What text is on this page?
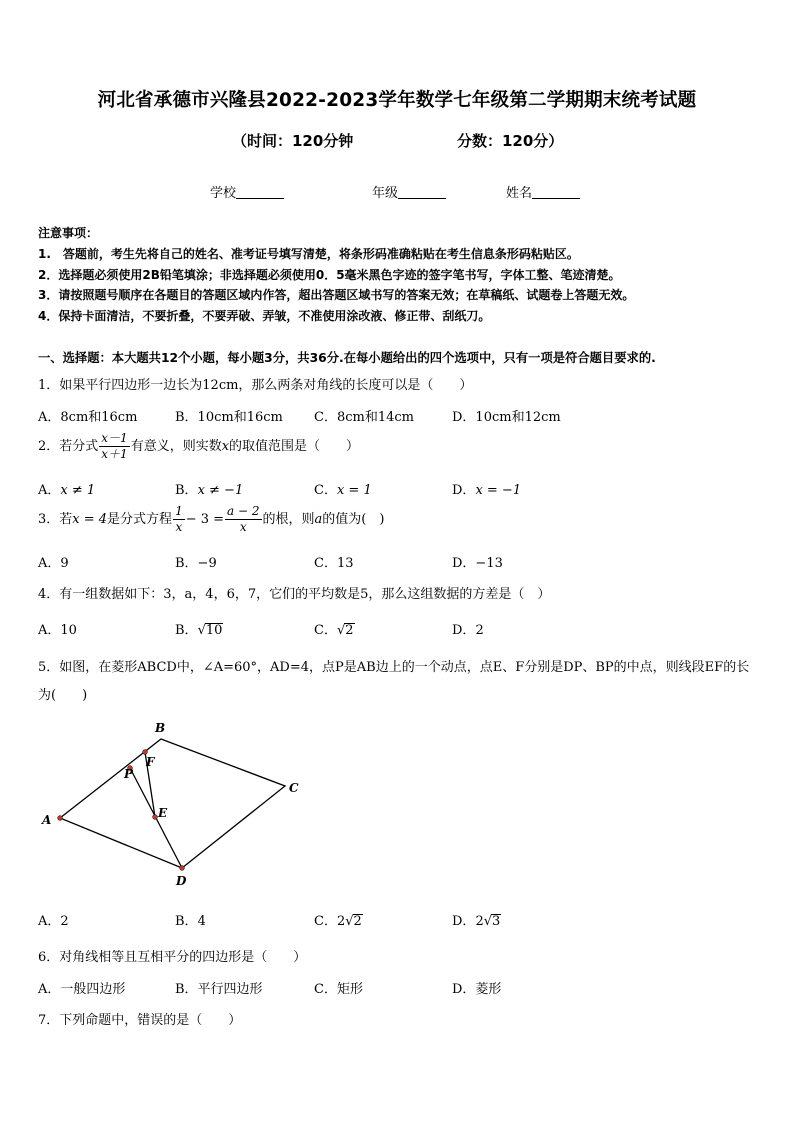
河北省承德市兴隆县2022-2023学年数学七年级第二学期期末统考试题
（时间：120分钟	分数：120分）
学校	年级	姓名
注意事项：
1.　答题前，考生先将自己的姓名、准考证号填写清楚，将条形码准确粘贴在考生信息条形码粘贴区。
2．选择题必须使用2B铅笔填涂；非选择题必须使用0．5毫米黑色字迹的签字笔书写，字体工整、笔迹清楚。
3．请按照题号顺序在各题目的答题区域内作答，超出答题区域书写的答案无效；在草稿纸、试题卷上答题无效。
4．保持卡面清洁，不要折叠，不要弄破、弄皱，不准使用涂改液、修正带、刮纸刀。
一、选择题：本大题共12个小题，每小题3分，共36分.在每小题给出的四个选项中，只有一项是符合题目要求的.
1．如果平行四边形一边长为12cm，那么两条对角线的长度可以是（　　）
A．8cm和16cm	B．10cm和16cm C．8cm和14cm	D．10cm和12cm
2．若分式 $\frac{x-1}{x+1}$ 有意义，则实数x的取值范围是（　　）
A．x ≠ 1	B．x ≠ −1	C．x = 1	D．x = −1
3．若x = 4是分式方程 $\frac{1}{x} - 3 = \frac{a - 2}{x}$ 的根，则a的值为(　)
A．9	B．−9	C．13	D．−13
4．有一组数据如下：3，a，4，6，7，它们的平均数是5，那么这组数据的方差是（　）
A．10	B．√10	C．√2	D．2
5．如图，在菱形ABCD中，∠A=60°，AD=4，点P是AB边上的一个动点，点E、F分别是DP、BP的中点，则线段EF的长为(　　)
A
B
C
D
P
F
E
A．2	B．4	C．2√2	D．2√3
6．对角线相等且互相平分的四边形是（　　）
A．一般四边形	B．平行四边形	C．矩形	D．菱形
7．下列命题中，错误的是（　　）
